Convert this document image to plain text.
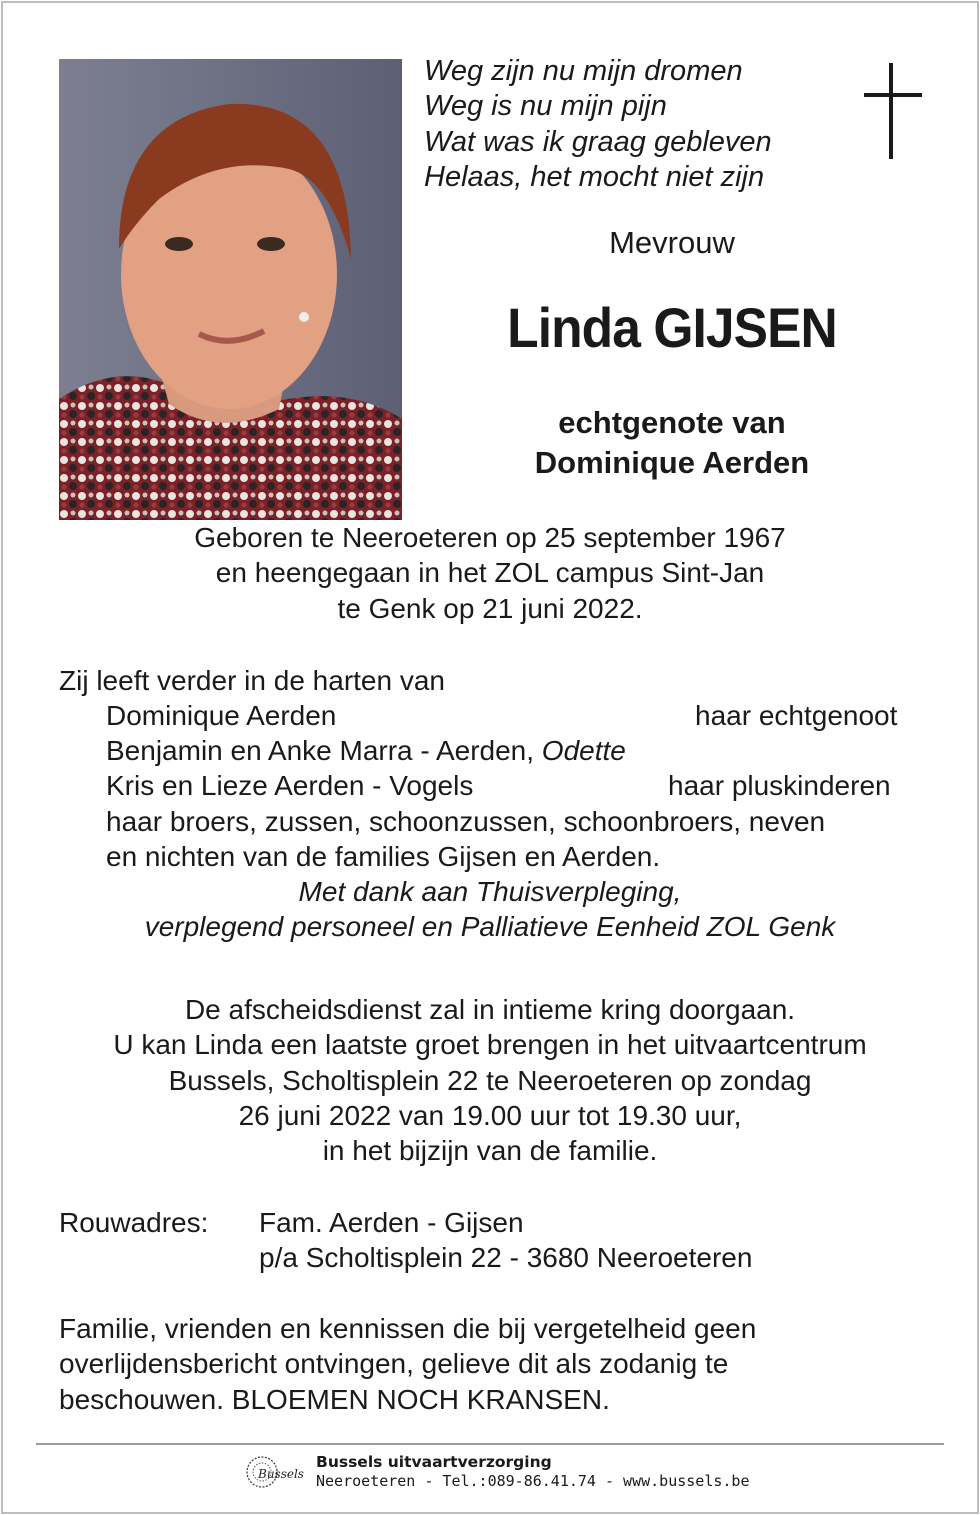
Weg zijn nu mijn dromen
Weg is nu mijn pijn
Wat was ik graag gebleven
Helaas, het mocht niet zijn
Mevrouw
Linda GIJSEN
echtgenote van
Dominique Aerden
Geboren te Neeroeteren op 25 september 1967
en heengegaan in het ZOL campus Sint-Jan
te Genk op 21 juni 2022.
Zij leeft verder in de harten van
Dominique Aerden	haar echtgenoot
Benjamin en Anke Marra - Aerden, Odette
Kris en Lieze Aerden - Vogels	haar pluskinderen
haar broers, zussen, schoonzussen, schoonbroers, neven
en nichten van de families Gijsen en Aerden.
Met dank aan Thuisverpleging,
verplegend personeel en Palliatieve Eenheid ZOL Genk
De afscheidsdienst zal in intieme kring doorgaan.
U kan Linda een laatste groet brengen in het uitvaartcentrum
Bussels, Scholtisplein 22 te Neeroeteren op zondag
26 juni 2022 van 19.00 uur tot 19.30 uur,
in het bijzijn van de familie.
Rouwadres: Fam. Aerden - Gijsen
p/a Scholtisplein 22 - 3680 Neeroeteren
Familie, vrienden en kennissen die bij vergetelheid geen
overlijdensbericht ontvingen, gelieve dit als zodanig te
beschouwen. BLOEMEN NOCH KRANSEN.
Bussels
Bussels uitvaartverzorging
Neeroeteren - Tel.:089-86.41.74 - www.bussels.be
